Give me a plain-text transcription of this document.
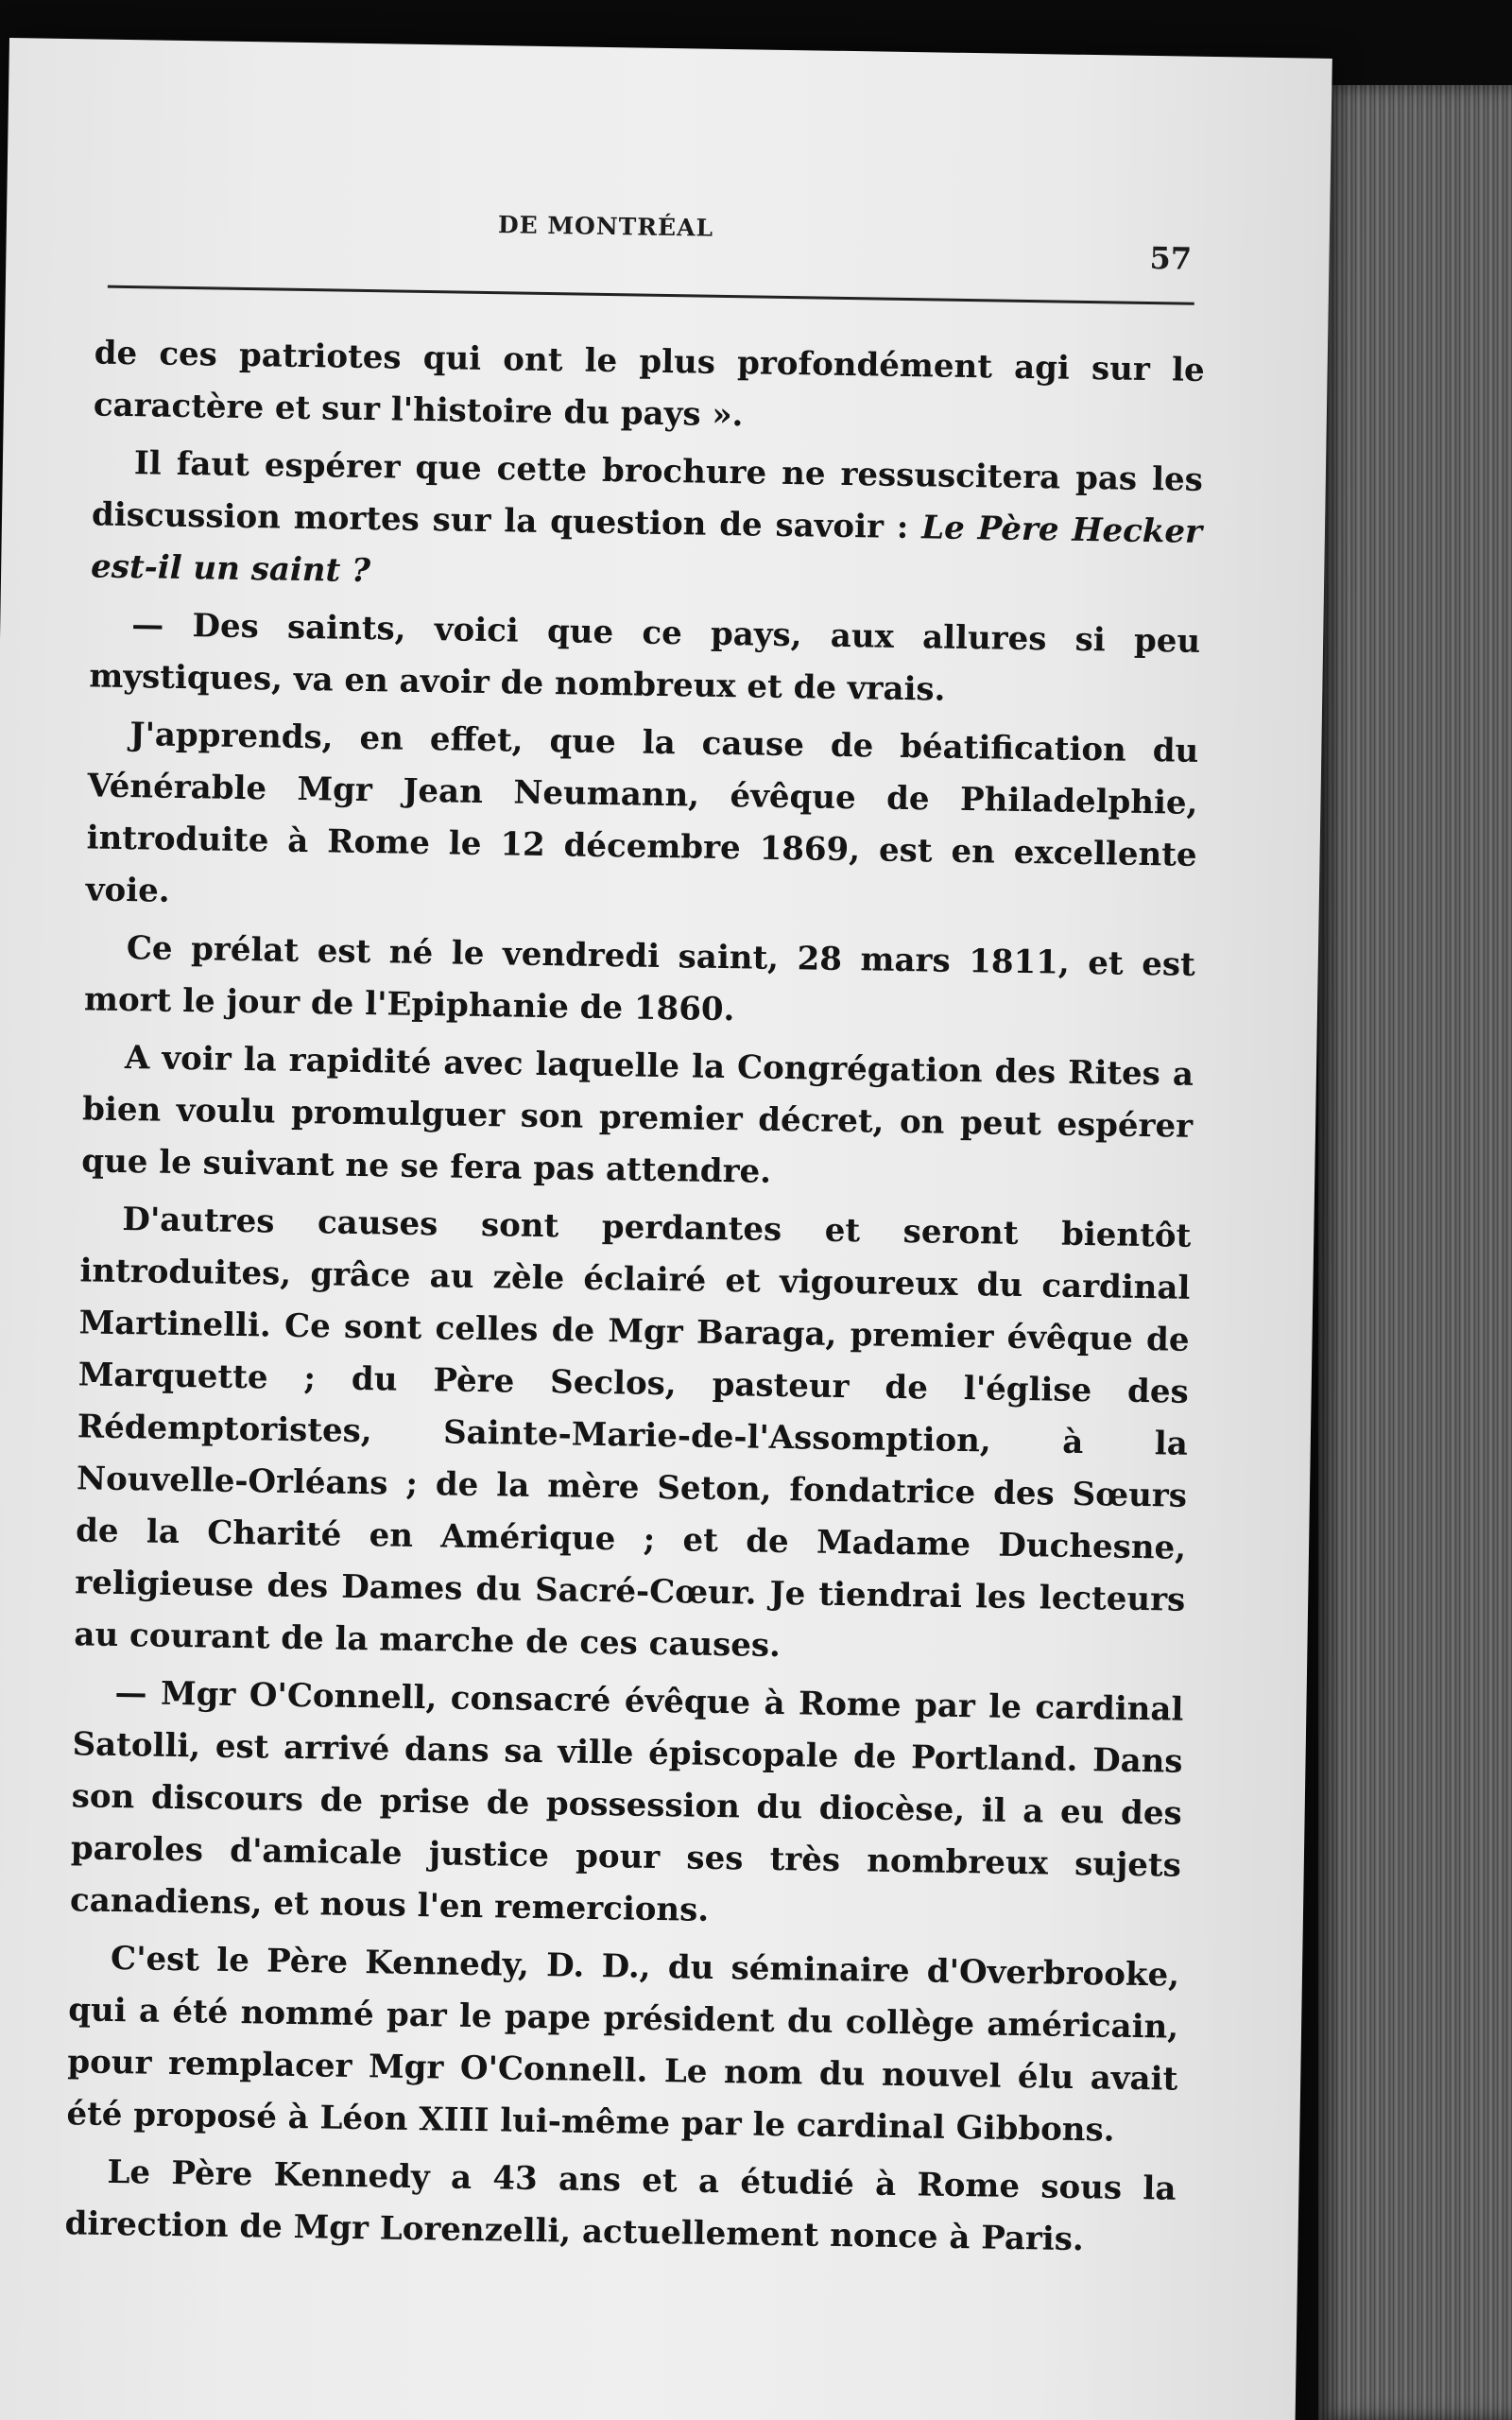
DE MONTRÉAL
57

de ces patriotes qui ont le plus profondément agi sur le caractère et sur l'histoire du pays ».

Il faut espérer que cette brochure ne ressuscitera pas les discussion mortes sur la question de savoir : Le Père Hecker est-il un saint ?

— Des saints, voici que ce pays, aux allures si peu mystiques, va en avoir de nombreux et de vrais.

J'apprends, en effet, que la cause de béatification du Vénérable Mgr Jean Neumann, évêque de Philadelphie, introduite à Rome le 12 décembre 1869, est en excellente voie.

Ce prélat est né le vendredi saint, 28 mars 1811, et est mort le jour de l'Epiphanie de 1860.

A voir la rapidité avec laquelle la Congrégation des Rites a bien voulu promulguer son premier décret, on peut espérer que le suivant ne se fera pas attendre.

D'autres causes sont perdantes et seront bientôt introduites, grâce au zèle éclairé et vigoureux du cardinal Martinelli. Ce sont celles de Mgr Baraga, premier évêque de Marquette ; du Père Seclos, pasteur de l'église des Rédemptoristes, Sainte-Marie-de-l'Assomption, à la Nouvelle-Orléans ; de la mère Seton, fondatrice des Sœurs de la Charité en Amérique ; et de Madame Duchesne, religieuse des Dames du Sacré-Cœur. Je tiendrai les lecteurs au courant de la marche de ces causes.

— Mgr O'Connell, consacré évêque à Rome par le cardinal Satolli, est arrivé dans sa ville épiscopale de Portland. Dans son discours de prise de possession du diocèse, il a eu des paroles d'amicale justice pour ses très nombreux sujets canadiens, et nous l'en remercions.

C'est le Père Kennedy, D. D., du séminaire d'Overbrooke, qui a été nommé par le pape président du collège américain, pour remplacer Mgr O'Connell. Le nom du nouvel élu avait été proposé à Léon XIII lui-même par le cardinal Gibbons.

Le Père Kennedy a 43 ans et a étudié à Rome sous la direction de Mgr Lorenzelli, actuellement nonce à Paris.
